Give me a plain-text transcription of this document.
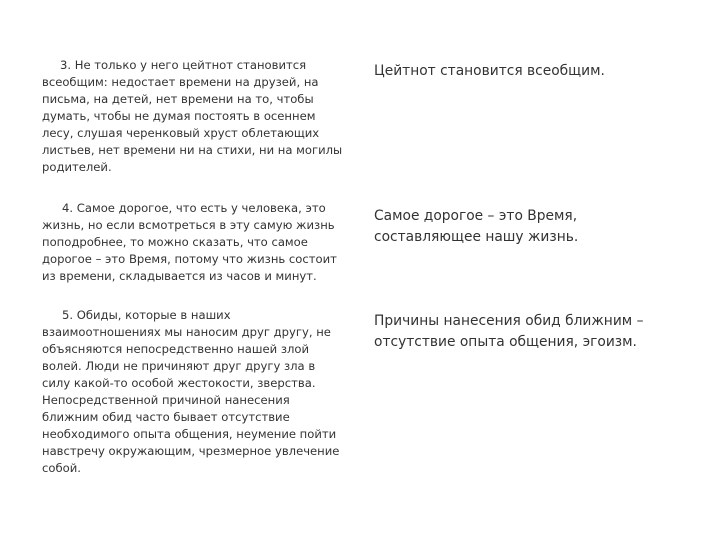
3. Не только у него цейтнот становится всеобщим: недостает времени на друзей, на письма, на детей, нет времени на то, чтобы думать, чтобы не думая постоять в осеннем лесу, слушая черенковый хруст облетающих листьев, нет времени ни на стихи, ни на могилы родителей.
Цейтнот становится всеобщим.
4. Самое дорогое, что есть у человека, это жизнь, но если всмотреться в эту самую жизнь поподробнее, то можно сказать, что самое дорогое – это Время, потому что жизнь состоит из времени, складывается из часов и минут.
Самое дорогое – это Время, составляющее нашу жизнь.
5. Обиды, которые в наших взаимоотношениях мы наносим друг другу, не объясняются непосредственно нашей злой волей. Люди не причиняют друг другу зла в силу какой-то особой жестокости, зверства. Непосредственной причиной нанесения ближним обид часто бывает отсутствие необходимого опыта общения, неумение пойти навстречу окружающим, чрезмерное увлечение собой.
Причины нанесения обид ближним – отсутствие опыта общения, эгоизм.
